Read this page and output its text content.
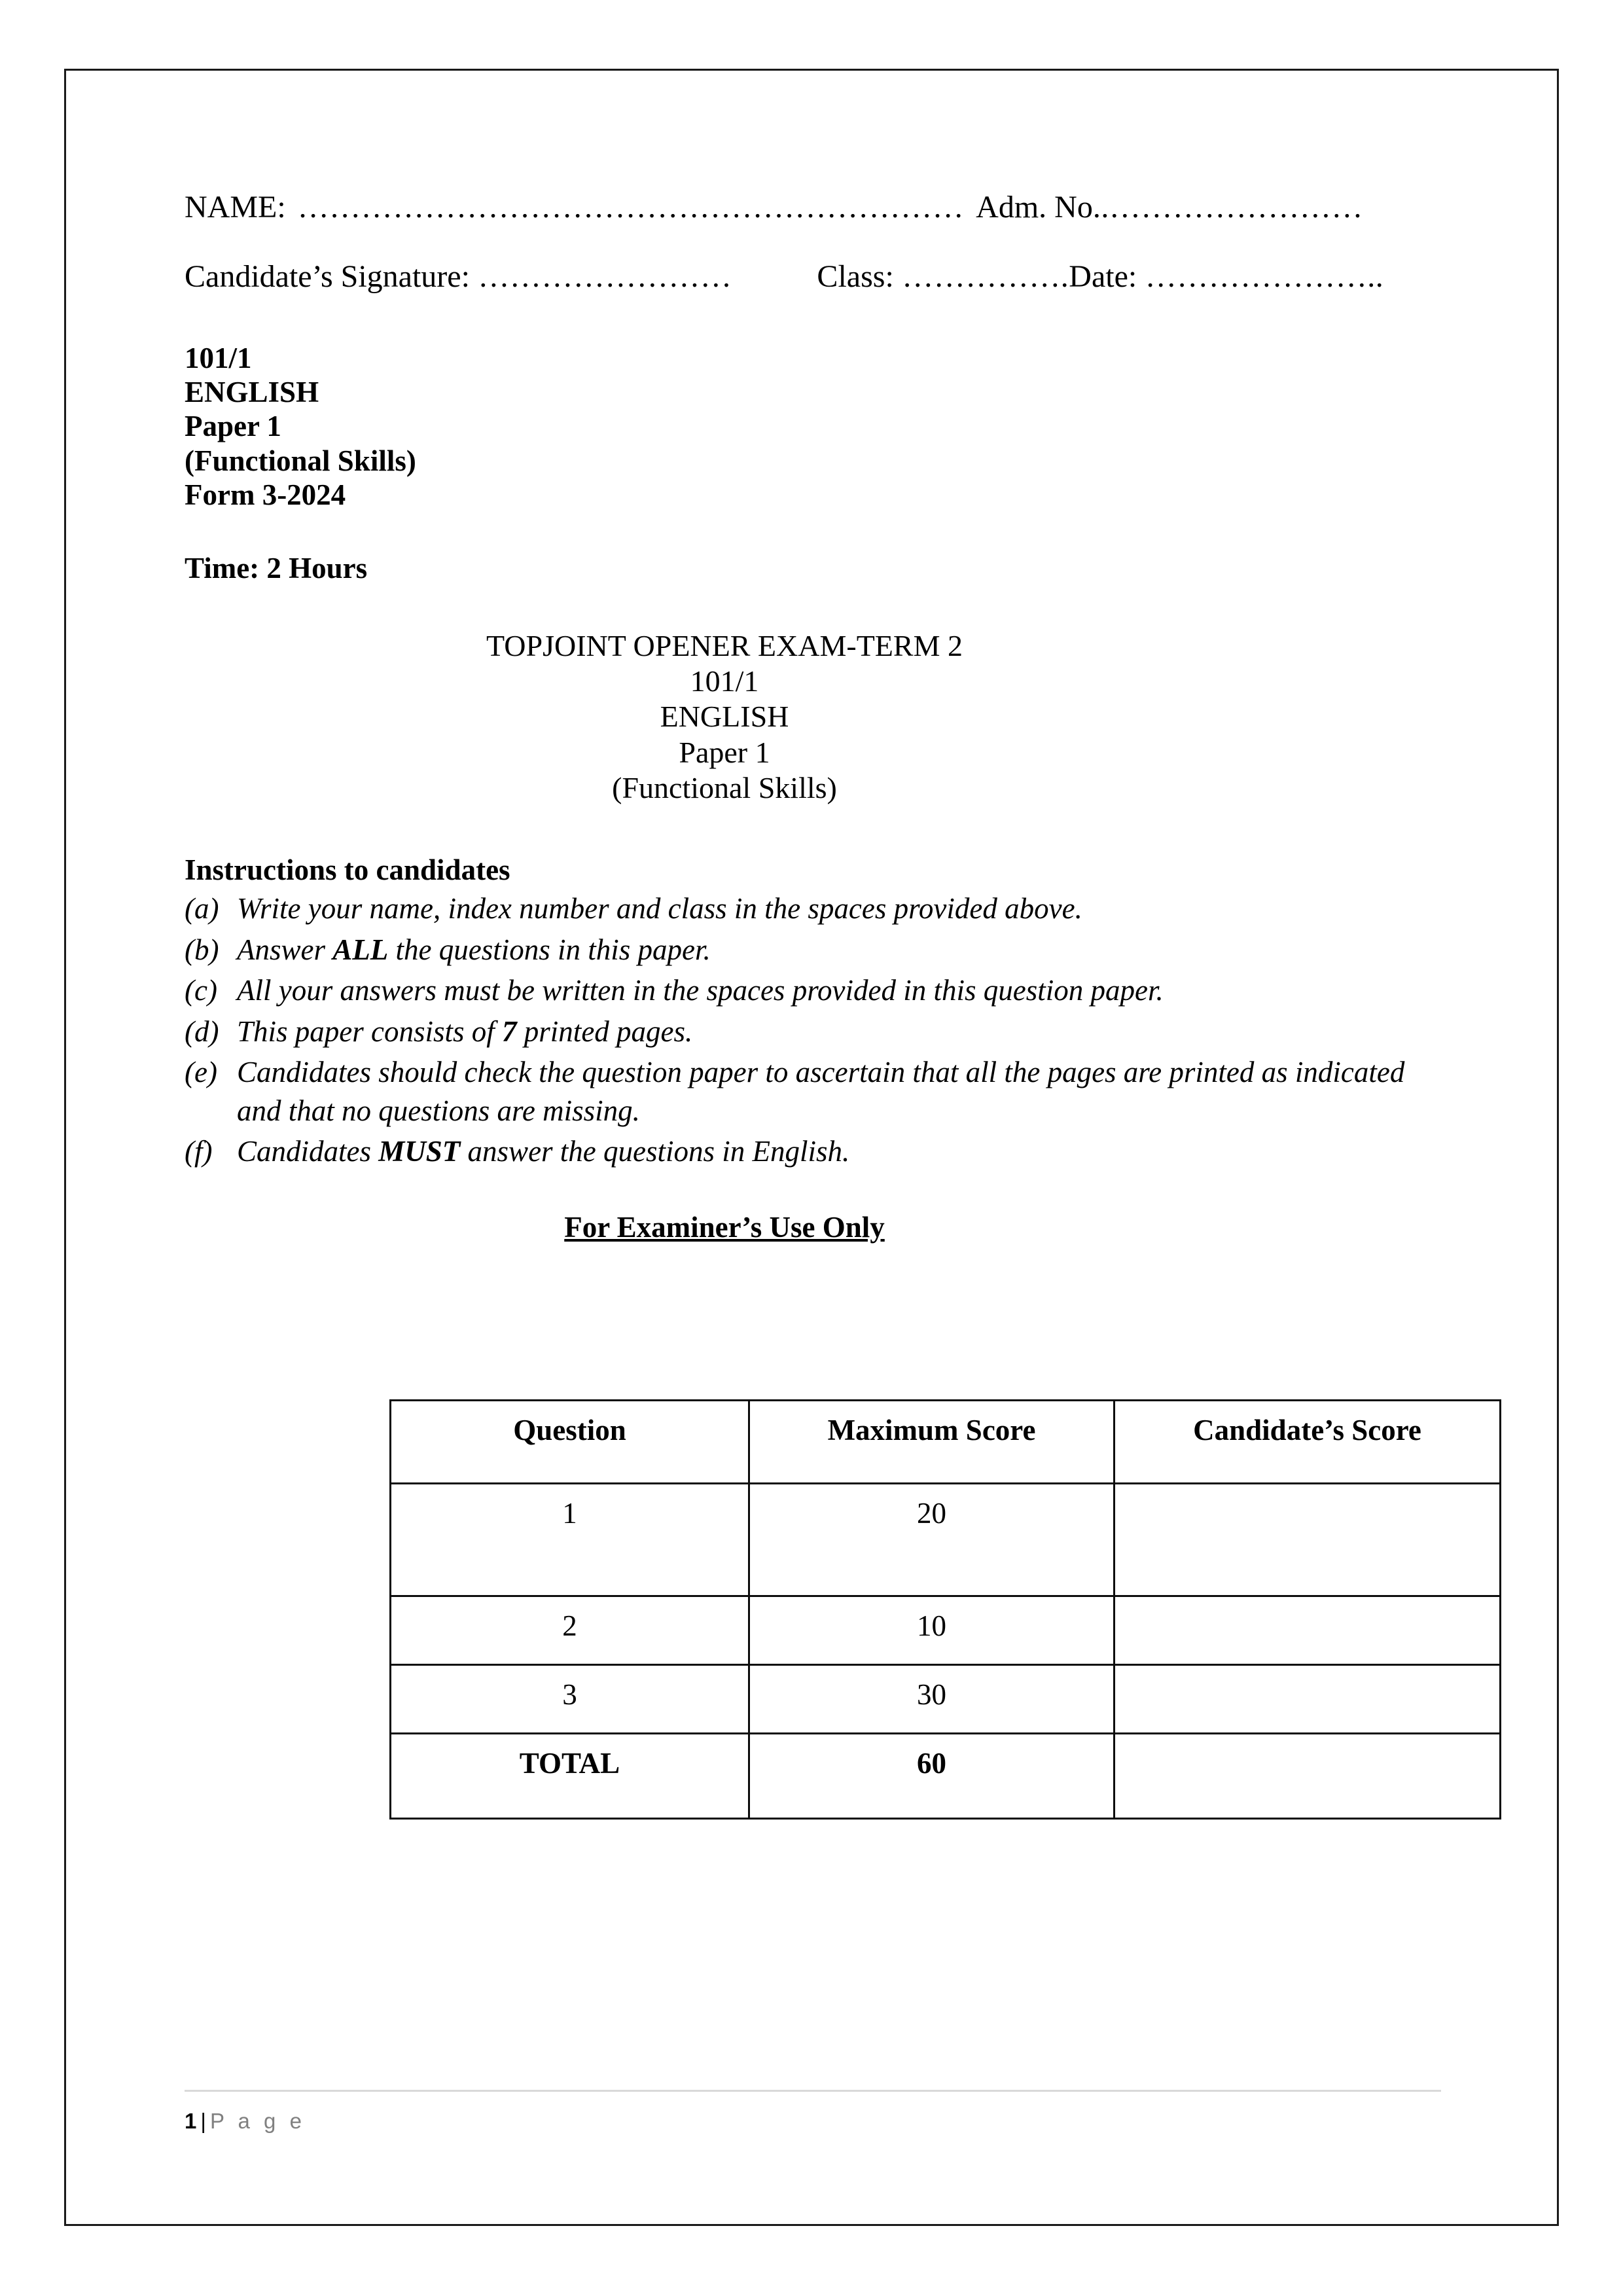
NAME: ……………………………………………………… Adm. No..……………………

Candidate’s Signature: ……………………	Class: …………….Date: …………………..

101/1
ENGLISH
Paper 1
(Functional Skills)
Form 3-2024

Time: 2 Hours

TOPJOINT OPENER EXAM-TERM 2
101/1
ENGLISH
Paper 1
(Functional Skills)

Instructions to candidates

(a) Write your name, index number and class in the spaces provided above.
(b) Answer ALL the questions in this paper.
(c) All your answers must be written in the spaces provided in this question paper.
(d) This paper consists of 7 printed pages.
(e) Candidates should check the question paper to ascertain that all the pages are printed as indicated and that no questions are missing.
(f) Candidates MUST answer the questions in English.

For Examiner’s Use Only

Question	Maximum Score	Candidate’s Score
1	20	
2	10	
3	30	
TOTAL	60	
1 | P a g e
